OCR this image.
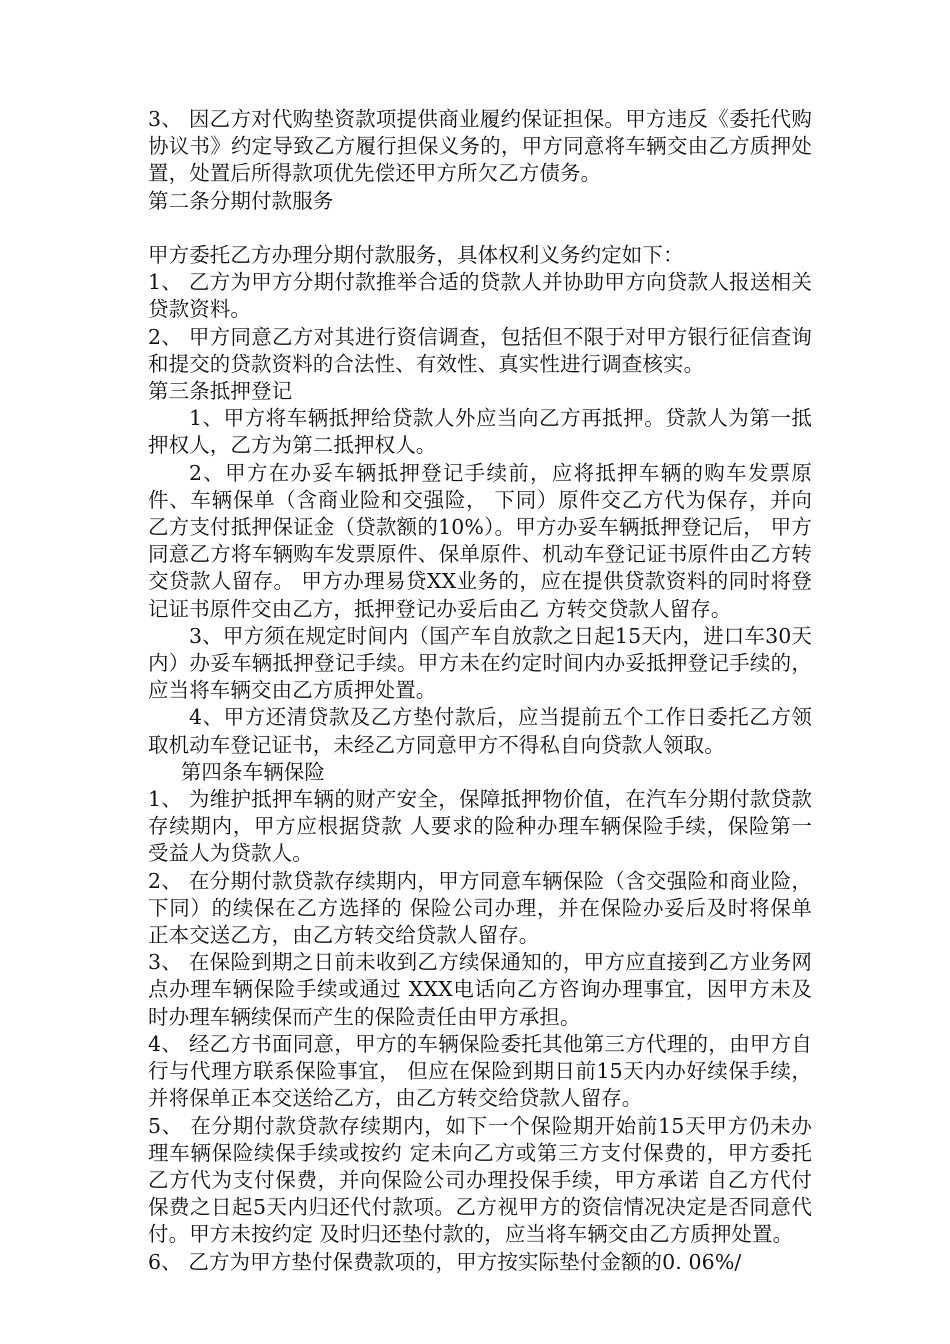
3、 因乙方对代购垫资款项提供商业履约保证担保。甲方违反《委托代购协议书》约定导致乙方履行担保义务的，甲方同意将车辆交由乙方质押处置，处置后所得款项优先偿还甲方所欠乙方债务。

第二条分期付款服务

甲方委托乙方办理分期付款服务，具体权利义务约定如下：

1、 乙方为甲方分期付款推举合适的贷款人并协助甲方向贷款人报送相关贷款资料。

2、 甲方同意乙方对其进行资信调查，包括但不限于对甲方银行征信查询和提交的贷款资料的合法性、有效性、真实性进行调查核实。

第三条抵押登记

1、甲方将车辆抵押给贷款人外应当向乙方再抵押。贷款人为第一抵押权人，乙方为第二抵押权人。

2、甲方在办妥车辆抵押登记手续前，应将抵押车辆的购车发票原件、车辆保单（含商业险和交强险， 下同）原件交乙方代为保存，并向乙方支付抵押保证金（贷款额的10%）。甲方办妥车辆抵押登记后， 甲方同意乙方将车辆购车发票原件、保单原件、机动车登记证书原件由乙方转交贷款人留存。 甲方办理易贷XX业务的，应在提供贷款资料的同时将登记证书原件交由乙方，抵押登记办妥后由乙 方转交贷款人留存。

3、甲方须在规定时间内（国产车自放款之日起15天内，进口车30天内）办妥车辆抵押登记手续。甲方未在约定时间内办妥抵押登记手续的，应当将车辆交由乙方质押处置。

4、甲方还清贷款及乙方垫付款后，应当提前五个工作日委托乙方领取机动车登记证书，未经乙方同意甲方不得私自向贷款人领取。

第四条车辆保险

1、 为维护抵押车辆的财产安全，保障抵押物价值，在汽车分期付款贷款存续期内，甲方应根据贷款 人要求的险种办理车辆保险手续，保险第一受益人为贷款人。

2、 在分期付款贷款存续期内，甲方同意车辆保险（含交强险和商业险，下同）的续保在乙方选择的 保险公司办理，并在保险办妥后及时将保单正本交送乙方，由乙方转交给贷款人留存。

3、 在保险到期之日前未收到乙方续保通知的，甲方应直接到乙方业务网点办理车辆保险手续或通过 XXX电话向乙方咨询办理事宜，因甲方未及时办理车辆续保而产生的保险责任由甲方承担。

4、 经乙方书面同意，甲方的车辆保险委托其他第三方代理的，由甲方自行与代理方联系保险事宜， 但应在保险到期日前15天内办好续保手续，并将保单正本交送给乙方，由乙方转交给贷款人留存。

5、 在分期付款贷款存续期内，如下一个保险期开始前15天甲方仍未办理车辆保险续保手续或按约 定未向乙方或第三方支付保费的，甲方委托乙方代为支付保费，并向保险公司办理投保手续，甲方承诺 自乙方代付保费之日起5天内归还代付款项。乙方视甲方的资信情况决定是否同意代付。甲方未按约定 及时归还垫付款的，应当将车辆交由乙方质押处置。

6、 乙方为甲方垫付保费款项的，甲方按实际垫付金额的0. 06%/
